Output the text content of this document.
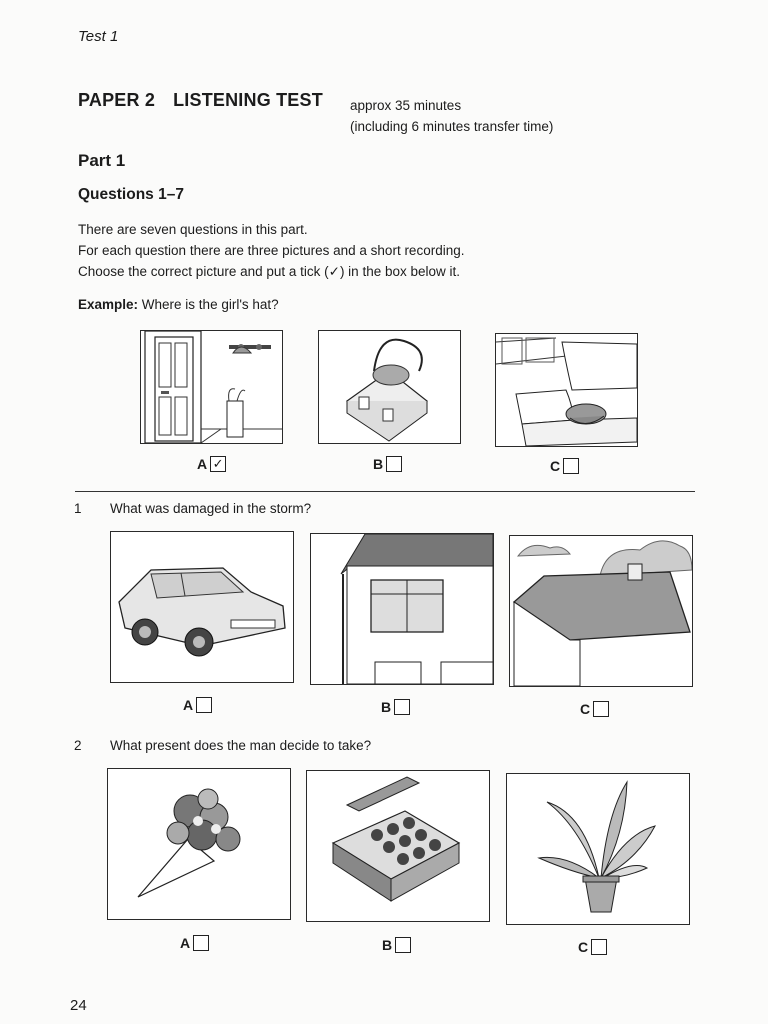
Test 1
PAPER 2 LISTENING TEST approx 35 minutes
(including 6 minutes transfer time)
Part 1
Questions 1–7
There are seven questions in this part.
For each question there are three pictures and a short recording.
Choose the correct picture and put a tick (✓) in the box below it.
Example: Where is the girl's hat?
A ✓	B	C
1 What was damaged in the storm?
A	B	C
2 What present does the man decide to take?
A	B	C
24
